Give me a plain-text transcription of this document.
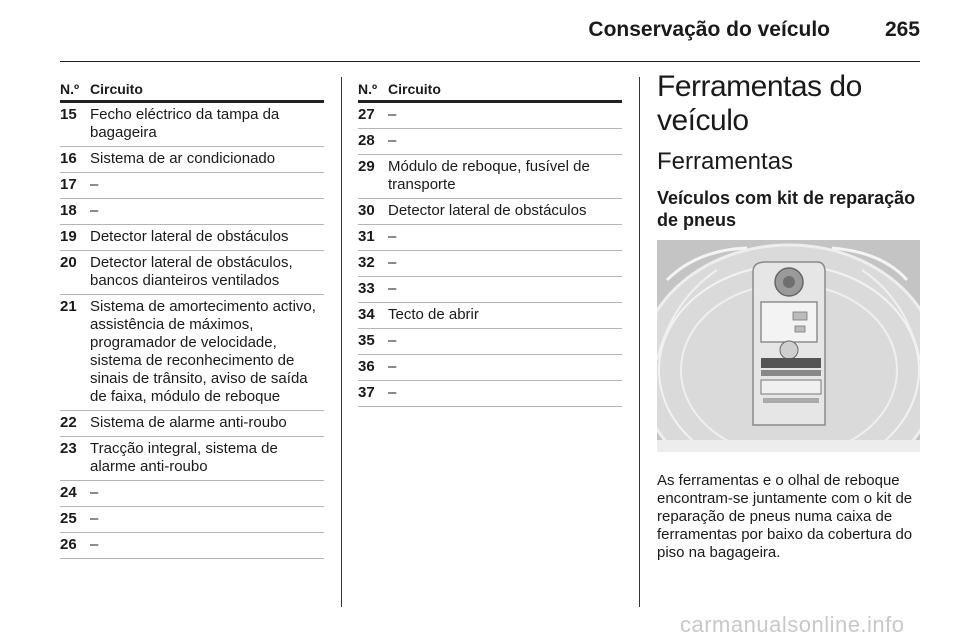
Conservação do veículo	265
N.º Circuito
15 Fecho eléctrico da tampa da bagageira
16 Sistema de ar condicionado
17 –
18 –
19 Detector lateral de obstáculos
20 Detector lateral de obstáculos, bancos dianteiros ventilados
21 Sistema de amortecimento activo, assistência de máximos, programador de velocidade, sistema de reconhecimento de sinais de trânsito, aviso de saída de faixa, módulo de reboque
22 Sistema de alarme anti-roubo
23 Tracção integral, sistema de alarme anti-roubo
24 –
25 –
26 –
N.º Circuito
27 –
28 –
29 Módulo de reboque, fusível de transporte
30 Detector lateral de obstáculos
31 –
32 –
33 –
34 Tecto de abrir
35 –
36 –
37 –
Ferramentas do veículo
Ferramentas
Veículos com kit de reparação de pneus
As ferramentas e o olhal de reboque encontram-se juntamente com o kit de reparação de pneus numa caixa de ferramentas por baixo da cobertura do piso na bagageira.
carmanualsonline.info
